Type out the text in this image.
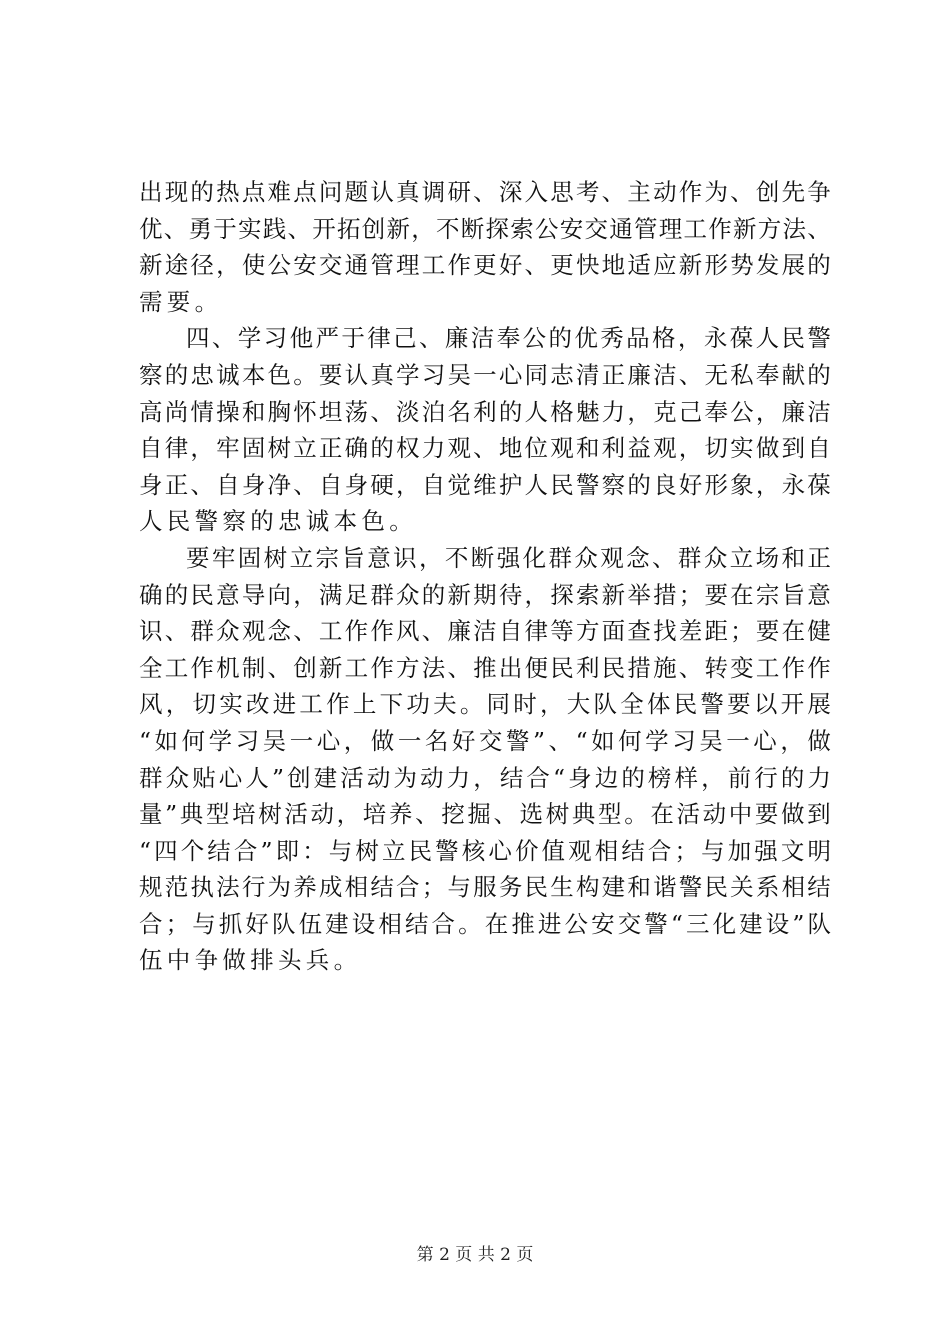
出 现 的 热 点 难 点 问 题 认 真 调 研 、 深 入 思 考 、 主 动 作 为 、 创 先 争
优 、 勇 于 实 践 、 开 拓 创 新 ， 不 断 探 索 公 安 交 通 管 理 工 作 新 方 法 、
新 途 径 ， 使 公 安 交 通 管 理 工 作 更 好 、 更 快 地 适 应 新 形 势 发 展 的
需要。
四 、 学 习 他 严 于 律 己 、 廉 洁 奉 公 的 优 秀 品 格 ， 永 葆 人 民 警
察 的 忠 诚 本 色 。 要 认 真 学 习 吴 一 心 同 志 清 正 廉 洁 、 无 私 奉 献 的
高 尚 情 操 和 胸 怀 坦 荡 、 淡 泊 名 利 的 人 格 魅 力 ， 克 己 奉 公 ， 廉 洁
自 律 ， 牢 固 树 立 正 确 的 权 力 观 、 地 位 观 和 利 益 观 ， 切 实 做 到 自
身 正 、 自 身 净 、 自 身 硬 ， 自 觉 维 护 人 民 警 察 的 良 好 形 象 ， 永 葆
人民警察的忠诚本色。
要 牢 固 树 立 宗 旨 意 识 ， 不 断 强 化 群 众 观 念 、 群 众 立 场 和 正
确 的 民 意 导 向 ， 满 足 群 众 的 新 期 待 ， 探 索 新 举 措 ； 要 在 宗 旨 意
识 、 群 众 观 念 、 工 作 作 风 、 廉 洁 自 律 等 方 面 查 找 差 距 ； 要 在 健
全 工 作 机 制 、 创 新 工 作 方 法 、 推 出 便 民 利 民 措 施 、 转 变 工 作 作
风 ， 切 实 改 进 工 作 上 下 功 夫 。 同 时 ， 大 队 全 体 民 警 要 以 开 展
“ 如 何 学 习 吴 一 心 ， 做 一 名 好 交 警 ” 、 “ 如 何 学 习 吴 一 心 ， 做
群 众 贴 心 人 ” 创 建 活 动 为 动 力 ， 结 合 “ 身 边 的 榜 样 ， 前 行 的 力
量 ” 典 型 培 树 活 动 ， 培 养 、 挖 掘 、 选 树 典 型 。 在 活 动 中 要 做 到
“ 四 个 结 合 ” 即 ： 与 树 立 民 警 核 心 价 值 观 相 结 合 ； 与 加 强 文 明
规 范 执 法 行 为 养 成 相 结 合 ； 与 服 务 民 生 构 建 和 谐 警 民 关 系 相 结
合 ； 与 抓 好 队 伍 建 设 相 结 合 。 在 推 进 公 安 交 警 “ 三 化 建 设 ” 队
伍中争做排头兵。
第 2 页 共 2 页
